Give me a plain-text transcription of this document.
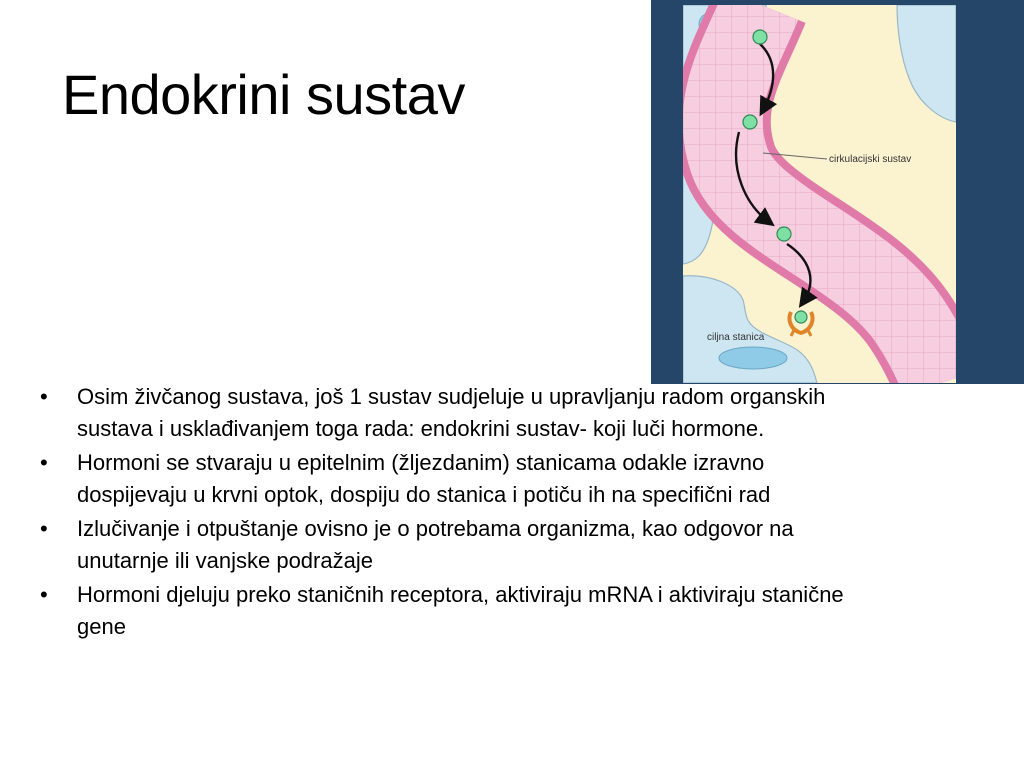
Endokrini sustav
cirkulacijski sustav
ciljna stanica
• Osim živčanog sustava, još 1 sustav sudjeluje u upravljanju radom organskih sustava i usklađivanjem toga rada: endokrini sustav- koji luči hormone.
• Hormoni se stvaraju u epitelnim (žljezdanim) stanicama odakle izravno dospijevaju u krvni optok, dospiju do stanica i potiču ih na specifični rad
• Izlučivanje i otpuštanje ovisno je o potrebama organizma, kao odgovor na unutarnje ili vanjske podražaje
• Hormoni djeluju preko staničnih receptora, aktiviraju mRNA i aktiviraju stanične gene
